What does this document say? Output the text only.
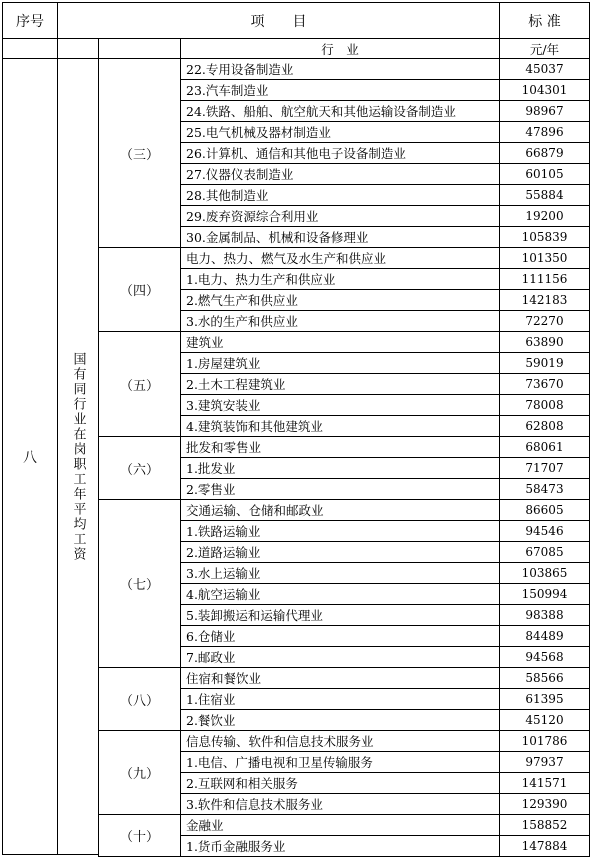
序号	项　　目	标 准
行　业	元/年
八	国有同行业在岗职工年平均工资
（三）
22.专用设备制造业	45037
23.汽车制造业	104301
24.铁路、船舶、航空航天和其他运输设备制造业	98967
25.电气机械及器材制造业	47896
26.计算机、通信和其他电子设备制造业	66879
27.仪器仪表制造业	60105
28.其他制造业	55884
29.废弃资源综合利用业	19200
30.金属制品、机械和设备修理业	105839
（四）
电力、热力、燃气及水生产和供应业	101350
1.电力、热力生产和供应业	111156
2.燃气生产和供应业	142183
3.水的生产和供应业	72270
（五）
建筑业	63890
1.房屋建筑业	59019
2.土木工程建筑业	73670
3.建筑安装业	78008
4.建筑装饰和其他建筑业	62808
（六）
批发和零售业	68061
1.批发业	71707
2.零售业	58473
（七）
交通运输、仓储和邮政业	86605
1.铁路运输业	94546
2.道路运输业	67085
3.水上运输业	103865
4.航空运输业	150994
5.装卸搬运和运输代理业	98388
6.仓储业	84489
7.邮政业	94568
（八）
住宿和餐饮业	58566
1.住宿业	61395
2.餐饮业	45120
（九）
信息传输、软件和信息技术服务业	101786
1.电信、广播电视和卫星传输服务	97937
2.互联网和相关服务	141571
3.软件和信息技术服务业	129390
（十）
金融业	158852
1.货币金融服务业	147884
